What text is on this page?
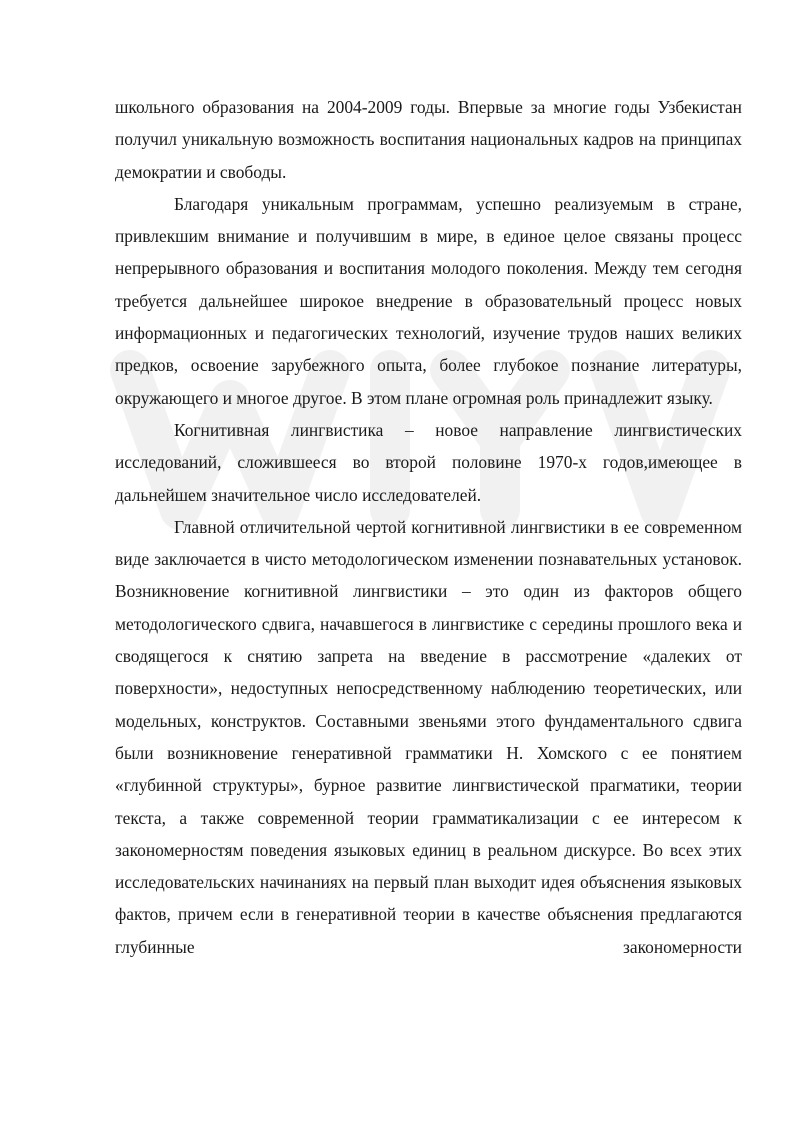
школьного образования на 2004-2009 годы. Впервые за многие годы Узбекистан получил уникальную возможность воспитания национальных кадров на принципах демократии и свободы.

Благодаря уникальным программам, успешно реализуемым в стране, привлекшим внимание и получившим в мире, в единое целое связаны процесс непрерывного образования и воспитания молодого поколения. Между тем сегодня требуется дальнейшее широкое внедрение в образовательный процесс новых информационных и педагогических технологий, изучение трудов наших великих предков, освоение зарубежного опыта, более глубокое познание литературы, окружающего и многое другое. В этом плане огромная роль принадлежит языку.

Когнитивная лингвистика – новое направление лингвистических исследований, сложившееся во второй половине 1970-х годов,имеющее в дальнейшем значительное число исследователей.

Главной отличительной чертой когнитивной лингвистики в ее современном виде заключается в чисто методологическом изменении познавательных установок. Возникновение когнитивной лингвистики – это один из факторов общего методологического сдвига, начавшегося в лингвистике с середины прошлого века и сводящегося к снятию запрета на введение в рассмотрение «далеких от поверхности», недоступных непосредственному наблюдению теоретических, или модельных, конструктов. Составными звеньями этого фундаментального сдвига были возникновение генеративной грамматики Н. Хомского с ее понятием «глубинной структуры», бурное развитие лингвистической прагматики, теории текста, а также современной теории грамматикализации с ее интересом к закономерностям поведения языковых единиц в реальном дискурсе. Во всех этих исследовательских начинаниях на первый план выходит идея объяснения языковых фактов, причем если в генеративной теории в качестве объяснения предлагаются глубинные закономерности
